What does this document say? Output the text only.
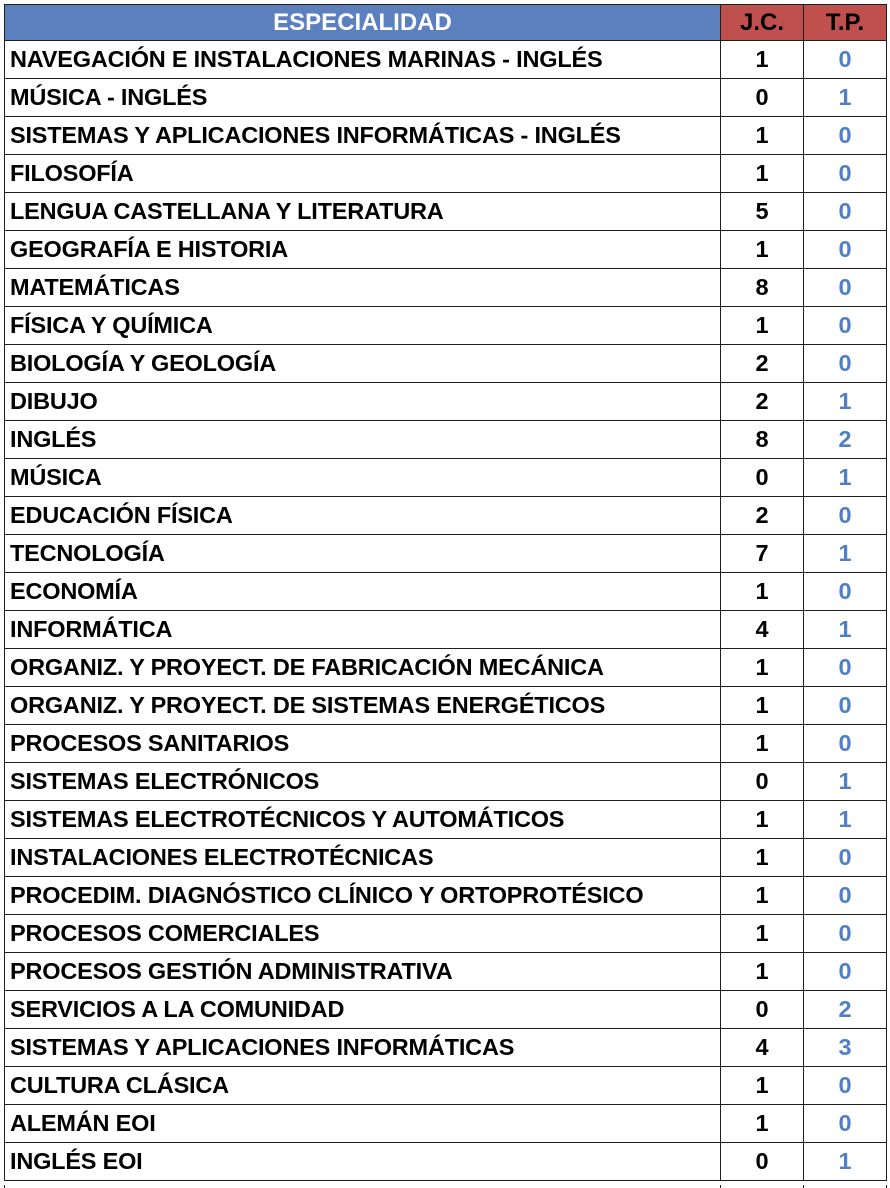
ESPECIALIDAD	J.C.	T.P.
NAVEGACIÓN E INSTALACIONES MARINAS - INGLÉS	1	0
MÚSICA - INGLÉS	0	1
SISTEMAS Y APLICACIONES INFORMÁTICAS - INGLÉS	1	0
FILOSOFÍA	1	0
LENGUA CASTELLANA Y LITERATURA	5	0
GEOGRAFÍA E HISTORIA	1	0
MATEMÁTICAS	8	0
FÍSICA Y QUÍMICA	1	0
BIOLOGÍA Y GEOLOGÍA	2	0
DIBUJO	2	1
INGLÉS	8	2
MÚSICA	0	1
EDUCACIÓN FÍSICA	2	0
TECNOLOGÍA	7	1
ECONOMÍA	1	0
INFORMÁTICA	4	1
ORGANIZ. Y PROYECT. DE FABRICACIÓN MECÁNICA	1	0
ORGANIZ. Y PROYECT. DE SISTEMAS ENERGÉTICOS	1	0
PROCESOS SANITARIOS	1	0
SISTEMAS ELECTRÓNICOS	0	1
SISTEMAS ELECTROTÉCNICOS Y AUTOMÁTICOS	1	1
INSTALACIONES ELECTROTÉCNICAS	1	0
PROCEDIM. DIAGNÓSTICO CLÍNICO Y ORTOPROTÉSICO	1	0
PROCESOS COMERCIALES	1	0
PROCESOS GESTIÓN ADMINISTRATIVA	1	0
SERVICIOS A LA COMUNIDAD	0	2
SISTEMAS Y APLICACIONES INFORMÁTICAS	4	3
CULTURA CLÁSICA	1	0
ALEMÁN EOI	1	0
INGLÉS EOI	0	1
